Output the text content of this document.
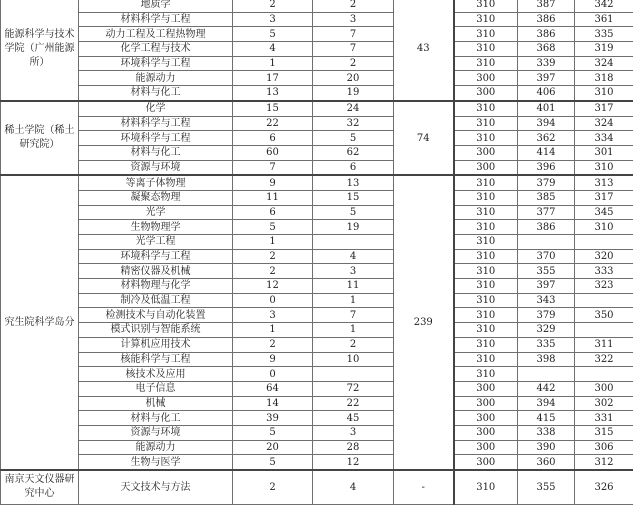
能源科学与技术学院（广州能源所）	地质学	2	2	43	310	387	342
	材料科学与工程	3	3		310	386	361
	动力工程及工程热物理	5	7		310	386	335
	化学工程与技术	4	7		310	368	319
	环境科学与工程	1	2		310	339	324
	能源动力	17	20		300	397	318
	材料与化工	13	19		300	406	310
稀土学院（稀土研究院）	化学	15	24	74	310	401	317
	材料科学与工程	22	32		310	394	324
	环境科学与工程	6	5		310	362	334
	材料与化工	60	62		300	414	301
	资源与环境	7	6		300	396	310
究生院科学岛分	等离子体物理	9	13	239	310	379	313
	凝聚态物理	11	15		310	385	317
	光学	6	5		310	377	345
	生物物理学	5	19		310	386	310
	光学工程	1			310		
	环境科学与工程	2	4		310	370	320
	精密仪器及机械	2	3		310	355	333
	材料物理与化学	12	11		310	397	323
	制冷及低温工程	0	1		310	343	
	检测技术与自动化装置	3	7		310	379	350
	模式识别与智能系统	1	1		310	329	
	计算机应用技术	2	2		310	335	311
	核能科学与工程	9	10		310	398	322
	核技术及应用	0			310		
	电子信息	64	72		300	442	300
	机械	14	22		300	394	302
	材料与化工	39	45		300	415	331
	资源与环境	5	3		300	338	315
	能源动力	20	28		300	390	306
	生物与医学	5	12		300	360	312
南京天文仪器研究中心	天文技术与方法	2	4	-	310	355	326
